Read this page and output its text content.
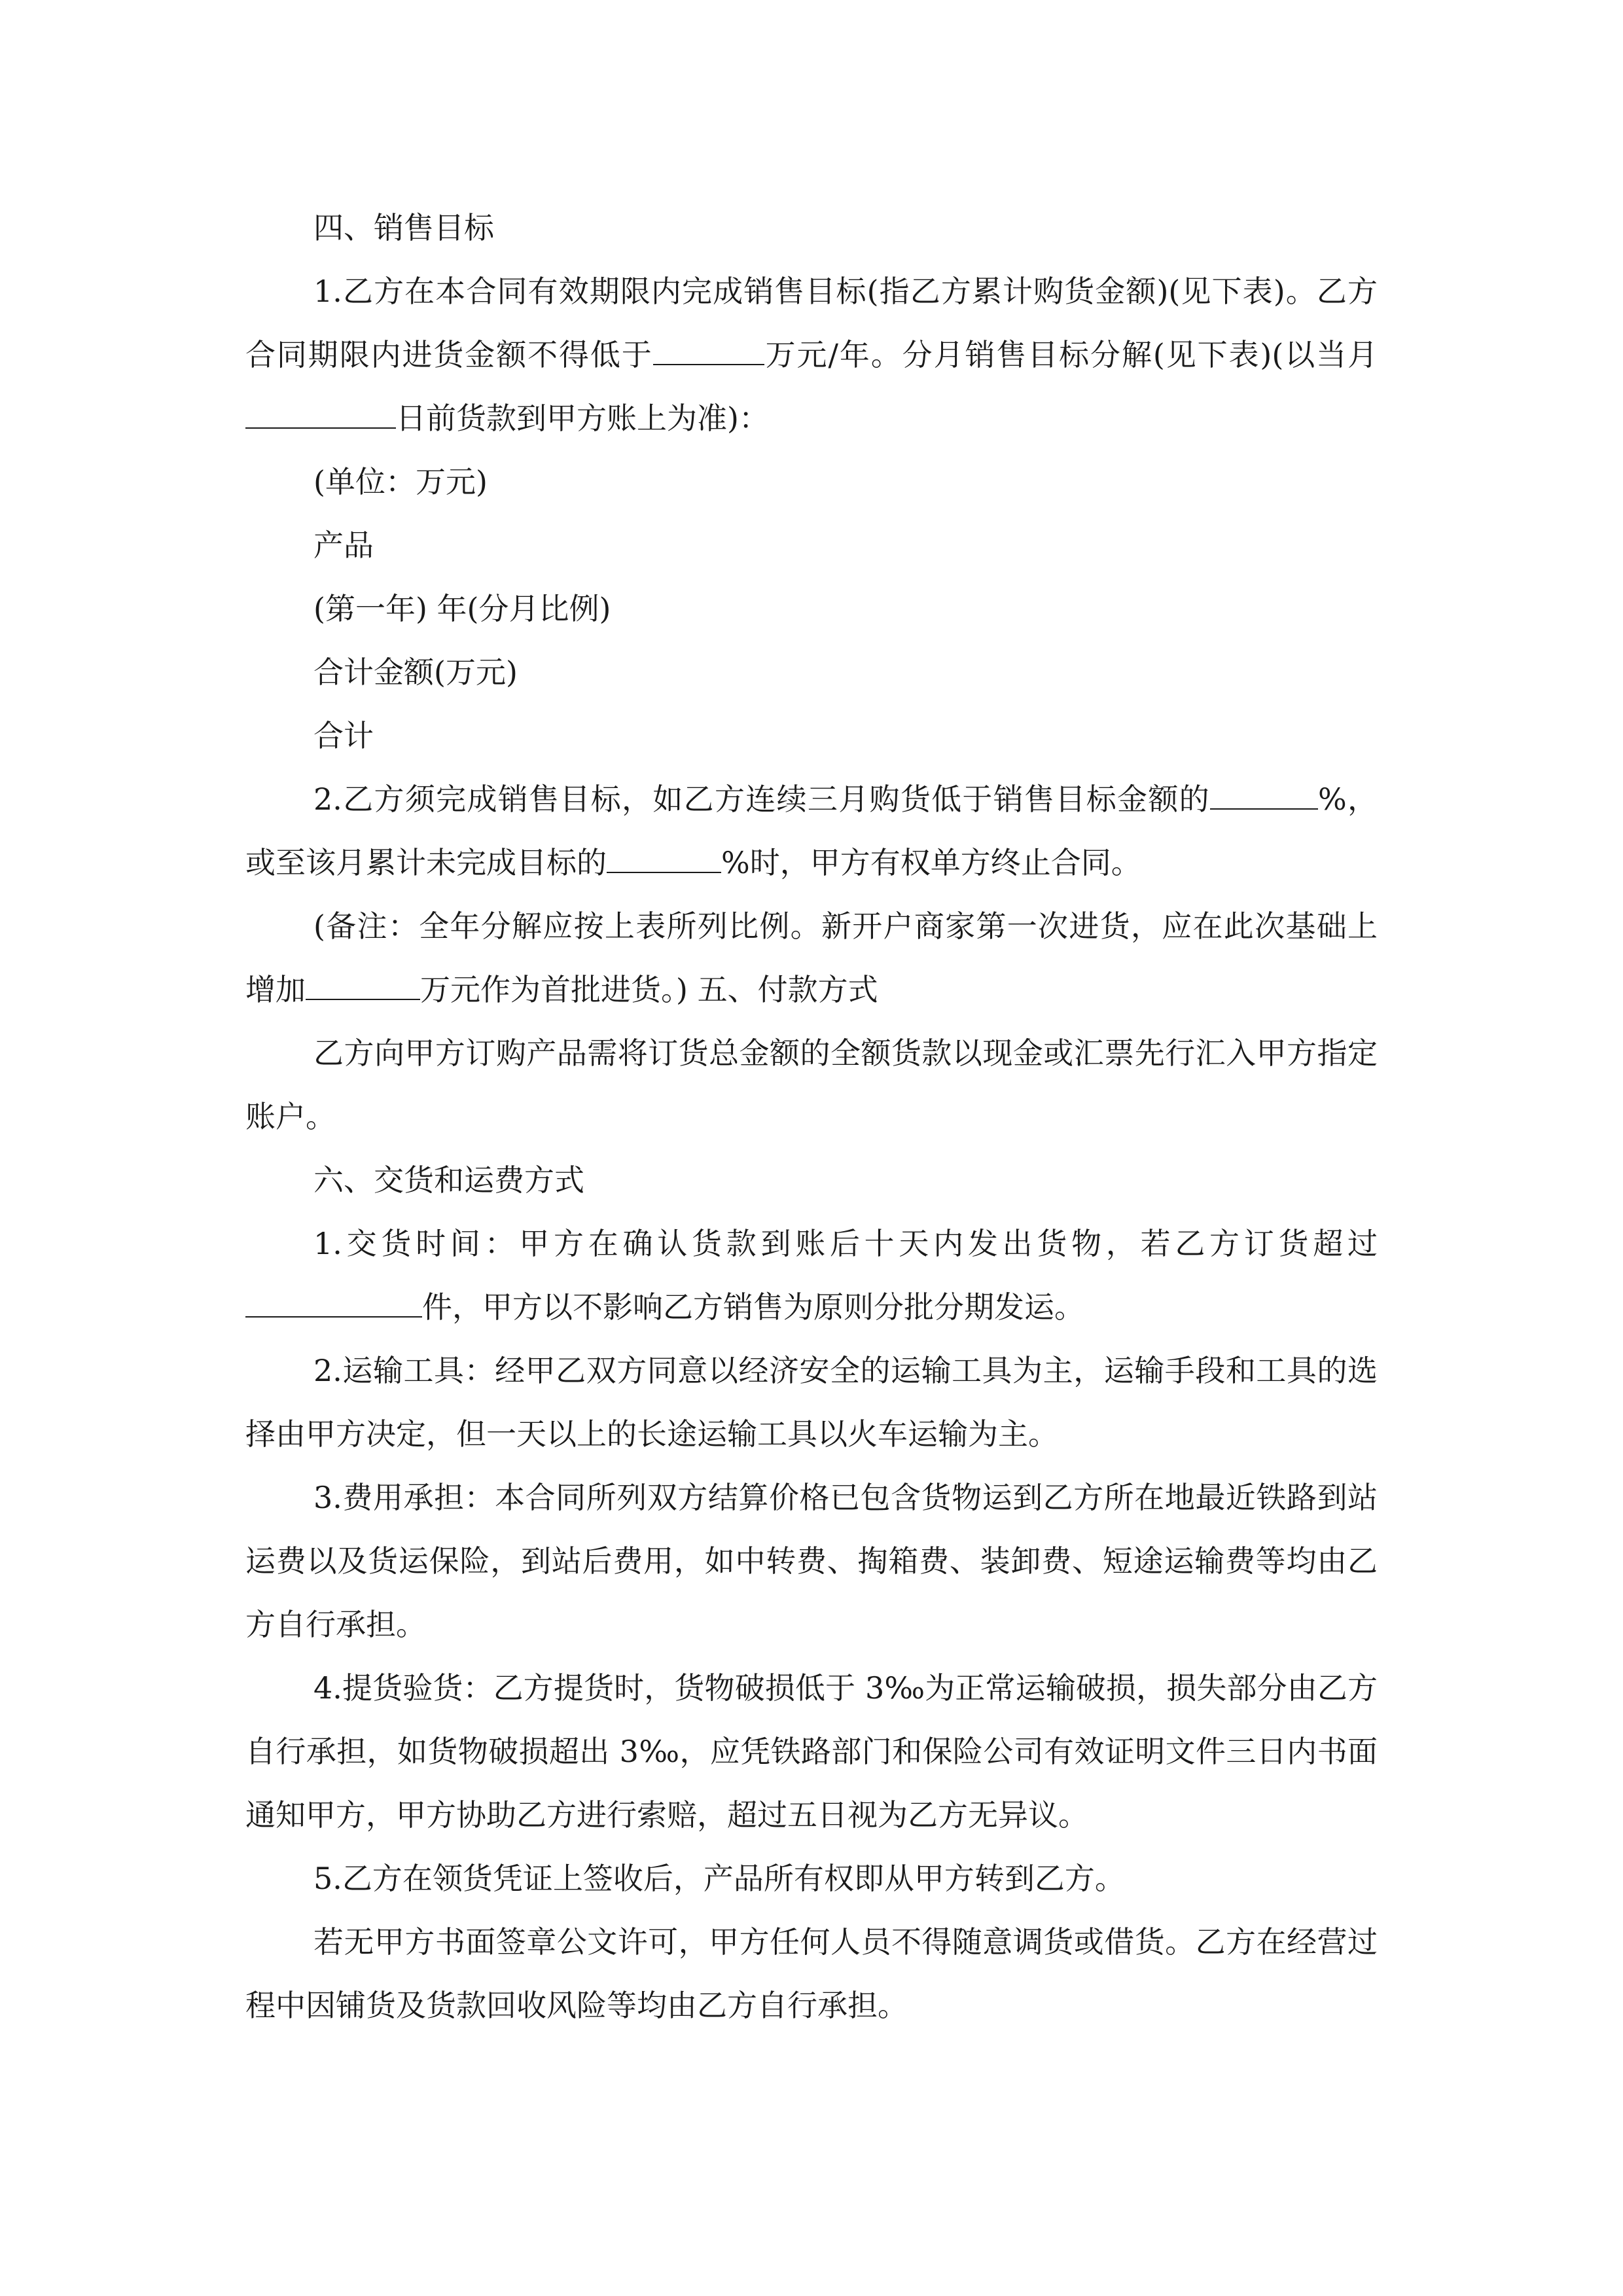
四、销售目标

1.乙方在本合同有效期限内完成销售目标(指乙方累计购货金额)(见下表)。乙方合同期限内进货金额不得低于	万元/年。分月销售目标分解(见下表)(以当月日前货款到甲方账上为准)：

(单位：万元)

产品

(第一年) 年(分月比例)

合计金额(万元)

合计

2.乙方须完成销售目标，如乙方连续三月购货低于销售目标金额的	%，或至该月累计未完成目标的	%时，甲方有权单方终止合同。

(备注：全年分解应按上表所列比例。新开户商家第一次进货，应在此次基础上增加	万元作为首批进货。) 五、付款方式

乙方向甲方订购产品需将订货总金额的全额货款以现金或汇票先行汇入甲方指定账户。

六、交货和运费方式

1.交货时间：甲方在确认货款到账后十天内发出货物，若乙方订货超过件，甲方以不影响乙方销售为原则分批分期发运。

2.运输工具：经甲乙双方同意以经济安全的运输工具为主，运输手段和工具的选择由甲方决定，但一天以上的长途运输工具以火车运输为主。

3.费用承担：本合同所列双方结算价格已包含货物运到乙方所在地最近铁路到站运费以及货运保险，到站后费用，如中转费、掏箱费、装卸费、短途运输费等均由乙方自行承担。

4.提货验货：乙方提货时，货物破损低于 3‰为正常运输破损，损失部分由乙方自行承担，如货物破损超出 3‰，应凭铁路部门和保险公司有效证明文件三日内书面通知甲方，甲方协助乙方进行索赔，超过五日视为乙方无异议。

5.乙方在领货凭证上签收后，产品所有权即从甲方转到乙方。

若无甲方书面签章公文许可，甲方任何人员不得随意调货或借货。乙方在经营过程中因铺货及货款回收风险等均由乙方自行承担。
